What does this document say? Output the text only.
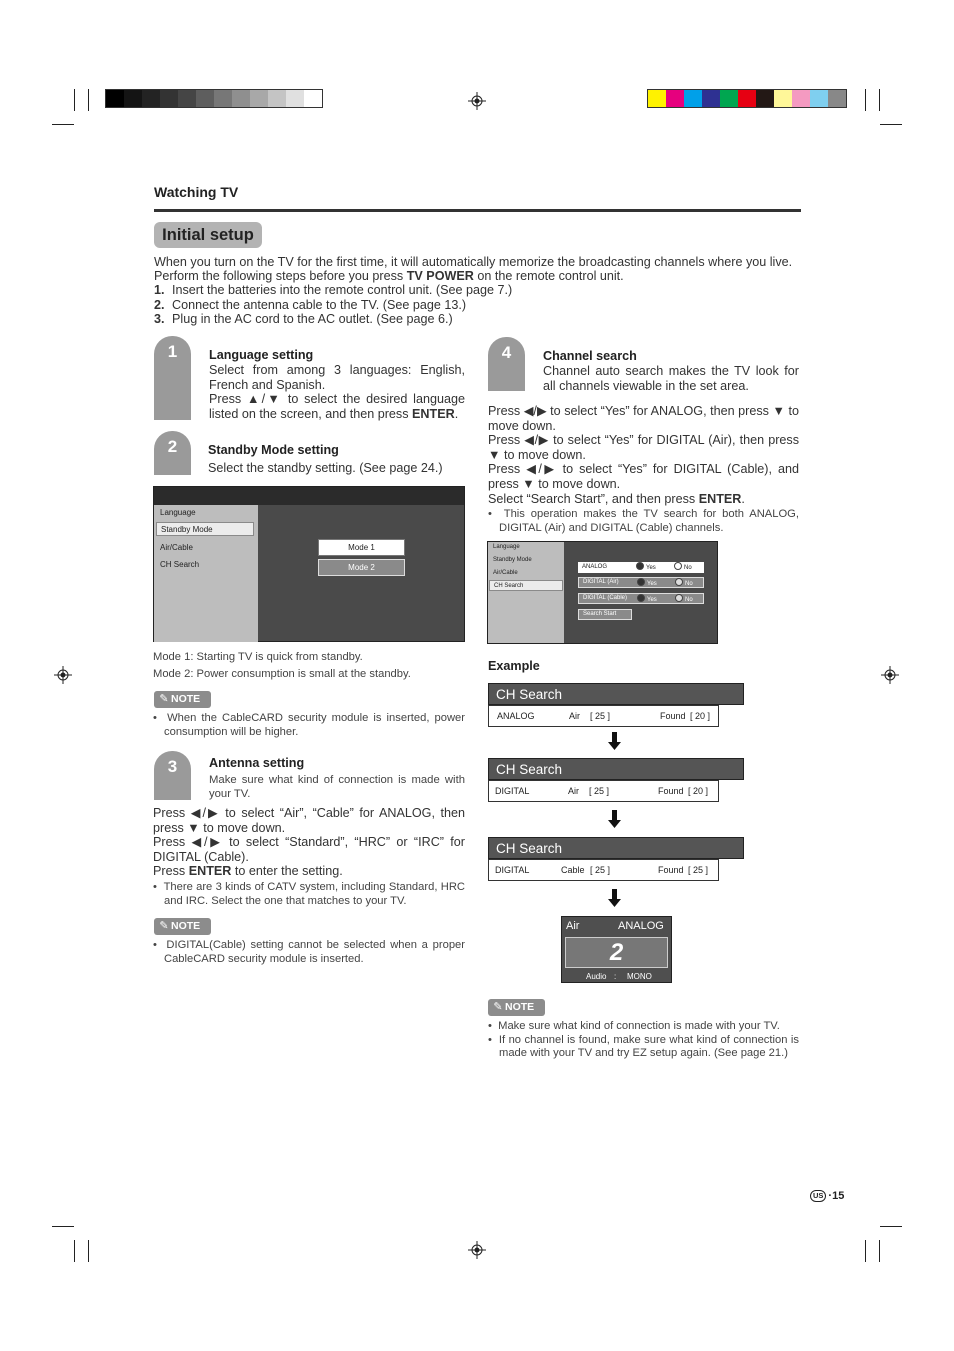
Watching TV
Initial setup

When you turn on the TV for the first time, it will automatically memorize the broadcasting channels where you live. Perform the following steps before you press TV POWER on the remote control unit.

1. Insert the batteries into the remote control unit. (See page 7.)

2. Connect the antenna cable to the TV. (See page 13.)

3. Plug in the AC cord to the AC outlet. (See page 6.)

1	Language setting
Select from among 3 languages: English, French and Spanish.
Press ▲/▼ to select the desired language listed on the screen, and then press ENTER.
2	Standby Mode setting
Select the standby setting. (See page 24.)
Language
Standby Mode
Air/Cable
CH Search
Mode 1
Mode 2
Mode 1: Starting TV is quick from standby.
Mode 2: Power consumption is small at the standby.
✎ NOTE
•  When the CableCARD security module is inserted, power consumption will be higher.
3	Antenna setting
Make sure what kind of connection is made with your TV.
Press ◀/▶ to select “Air”, “Cable” for ANALOG, then press ▼ to move down.
Press ◀/▶ to select “Standard”, “HRC” or “IRC” for DIGITAL (Cable).
Press ENTER to enter the setting.
•  There are 3 kinds of CATV system, including Standard, HRC and IRC. Select the one that matches to your TV.
✎ NOTE
•  DIGITAL(Cable) setting cannot be selected when a proper CableCARD security module is inserted.
4	Channel search
Channel auto search makes the TV look for all channels viewable in the set area.
Press ◀/▶ to select “Yes” for ANALOG, then press ▼ to move down.
Press ◀/▶ to select “Yes” for DIGITAL (Air), then press ▼ to move down.
Press ◀/▶ to select “Yes” for DIGITAL (Cable), and press ▼ to move down.
Select “Search Start”, and then press ENTER.
•  This operation makes the TV search for both ANALOG, DIGITAL (Air) and DIGITAL (Cable) channels.
Language
Standby Mode
Air/Cable
CH Search
ANALOG	Yes	No
DIGITAL (Air)	Yes	No
DIGITAL (Cable)	Yes	No
Search Start
Example
CH Search
ANALOG	Air [ 25 ]	Found [ 20 ]
CH Search
DIGITAL	Air [ 25 ]	Found [ 20 ]
CH Search
DIGITAL	Cable [ 25 ]	Found [ 25 ]
Air	ANALOG
2
Audio : MONO
✎ NOTE
•  Make sure what kind of connection is made with your TV.
•  If no channel is found, make sure what kind of connection is made with your TV and try EZ setup again. (See page 21.)
US ·15
